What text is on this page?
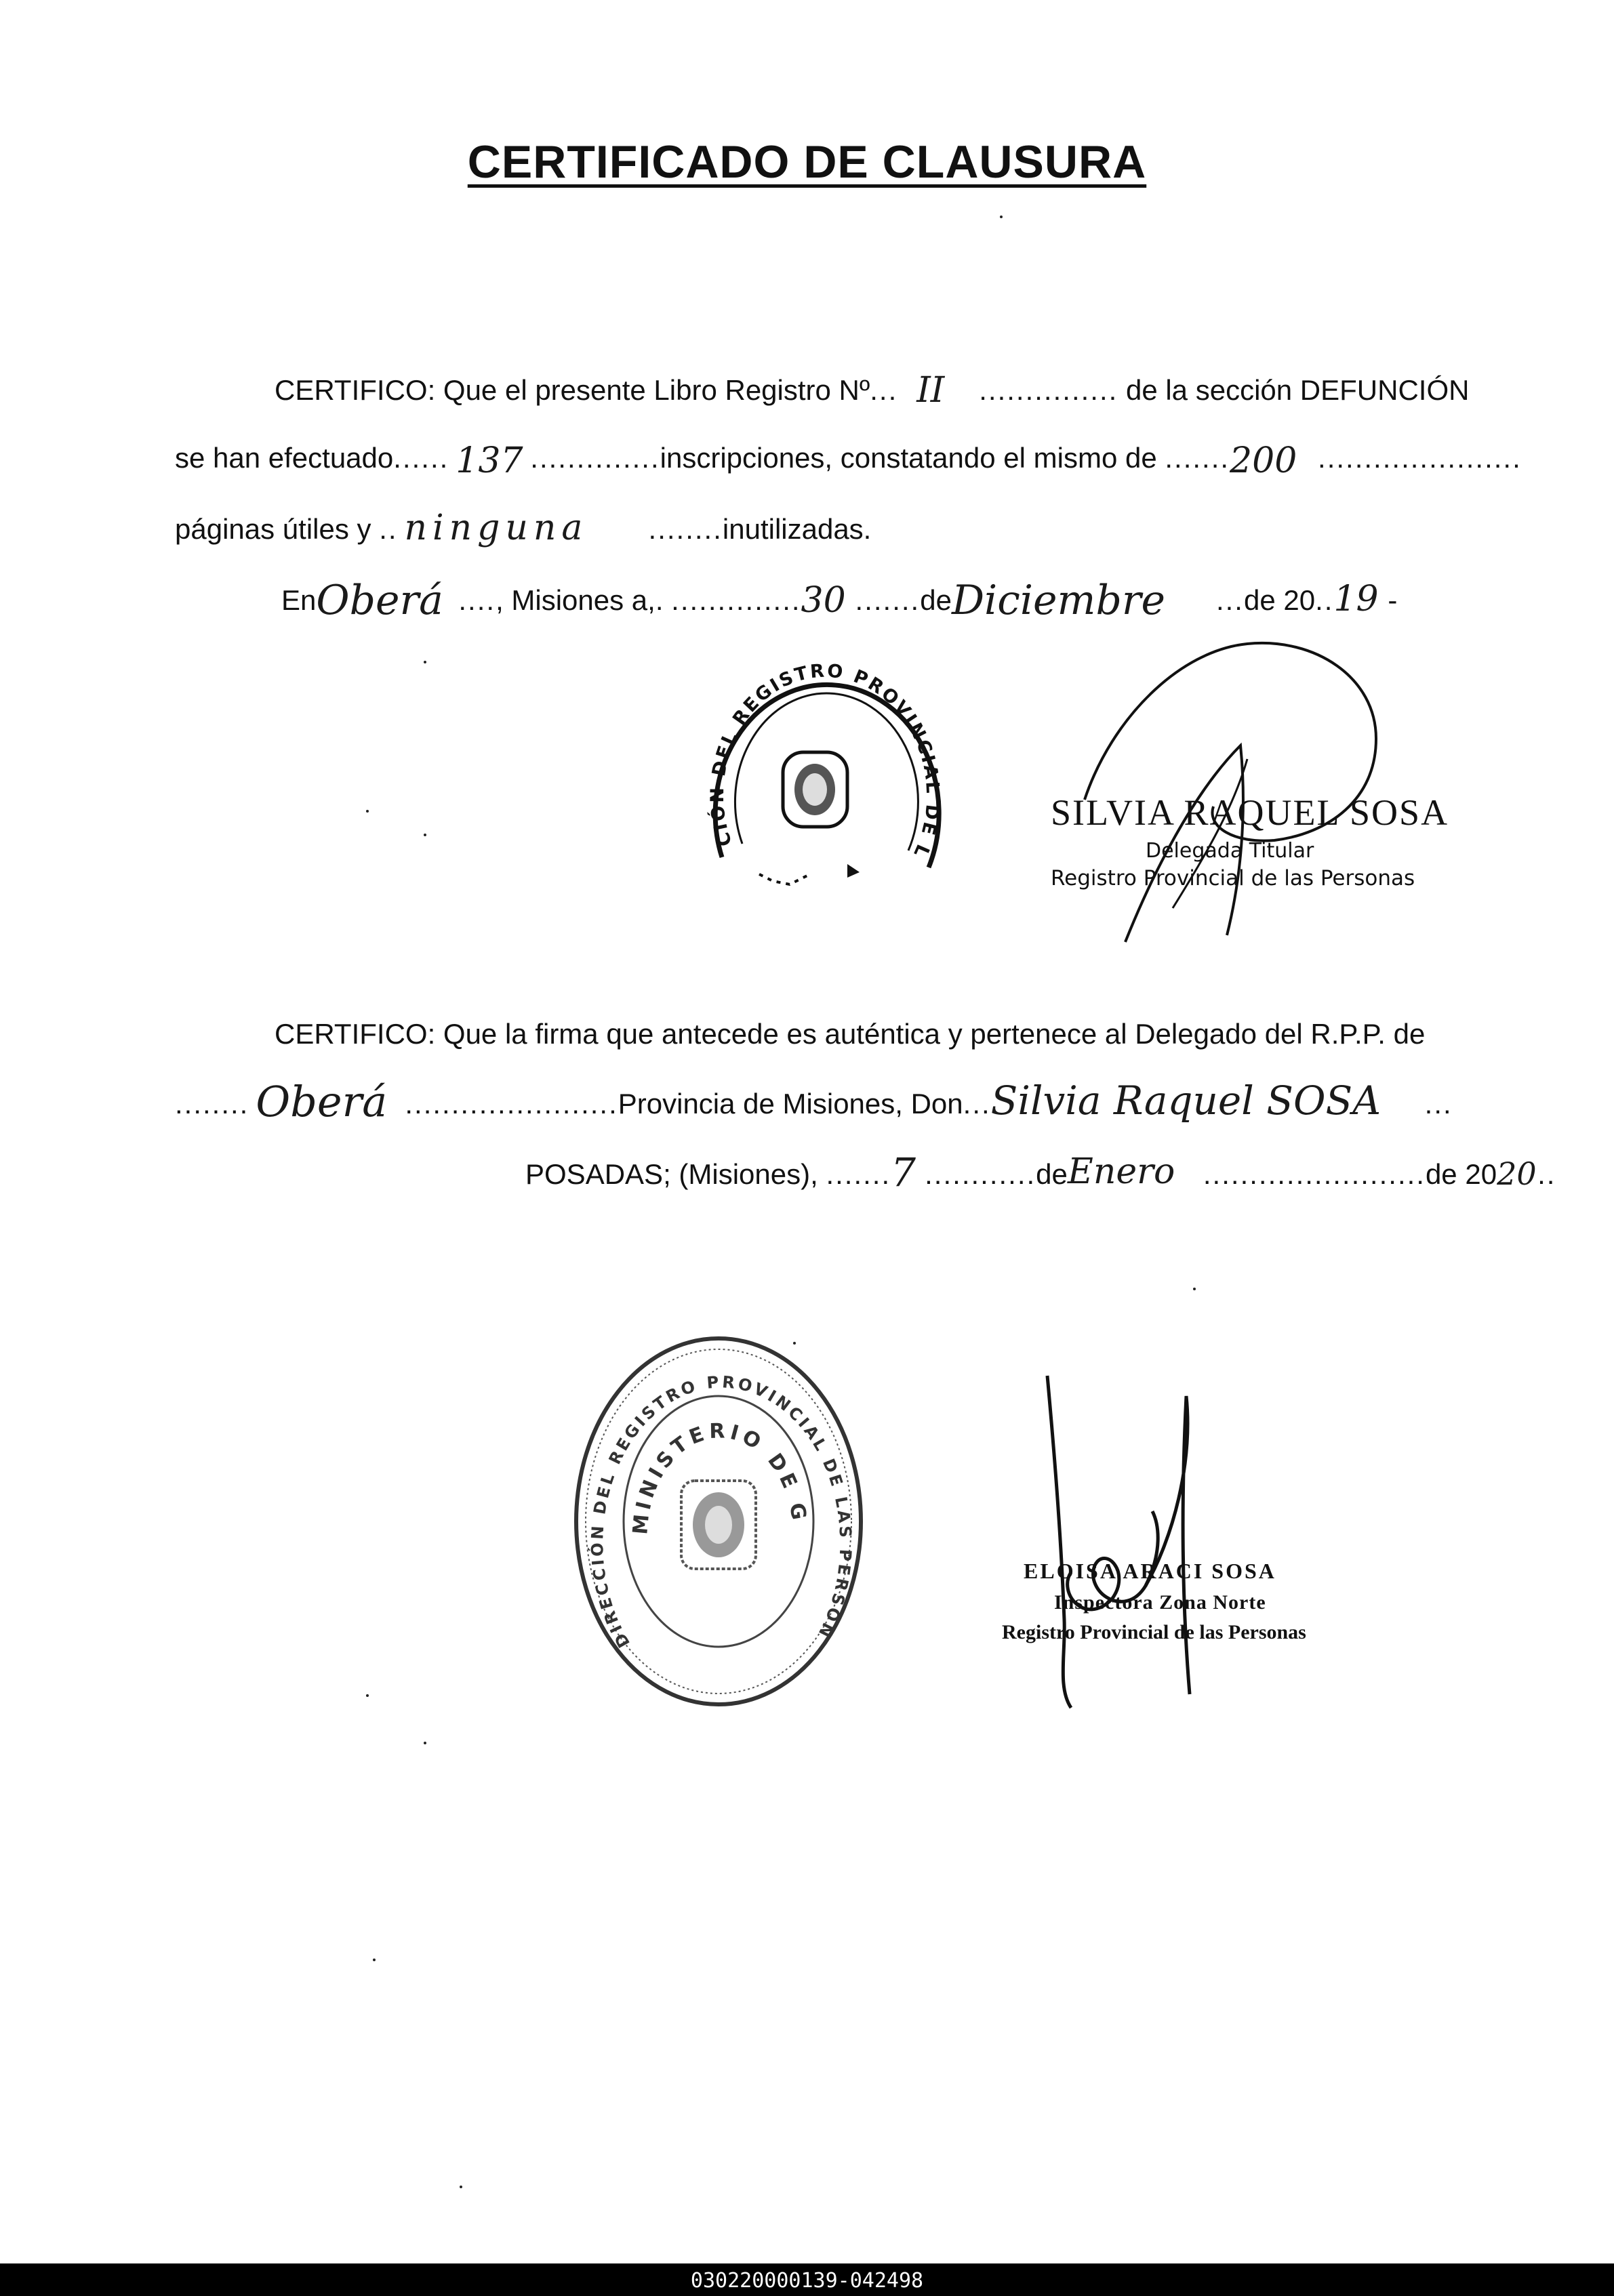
CERTIFICADO DE CLAUSURA
CERTIFICO: Que el presente Libro Registro Nº... II ............... de la sección DEFUNCIÓN
se han efectuado...... 137 ..............inscripciones, constatando el mismo de ....... 200 ......................
páginas útiles y .. ninguna ........inutilizadas.
En Oberá ...., Misiones a,. .............. 30 .......de Diciembre ...de 20.. 19 -
CIÓN DEL REGISTRO PROVINCIAL DE L
SILVIA RAQUEL SOSA
Delegada Titular
Registro Provincial de las Personas
CERTIFICO: Que la firma que antecede es auténtica y pertenece al Delegado del R.P.P. de
........ Oberá .......................Provincia de Misiones, Don... Silvia Raquel SOSA ...
POSADAS; (Misiones), ....... 7 ............de Enero ........................de 20 20 ..
DIRECCIÓN DEL REGISTRO PROVINCIAL DE LAS PERSON
MINISTERIO DE G
ELOISA ARACI SOSA
Inspectora Zona Norte
Registro Provincial de las Personas
030220000139-042498
